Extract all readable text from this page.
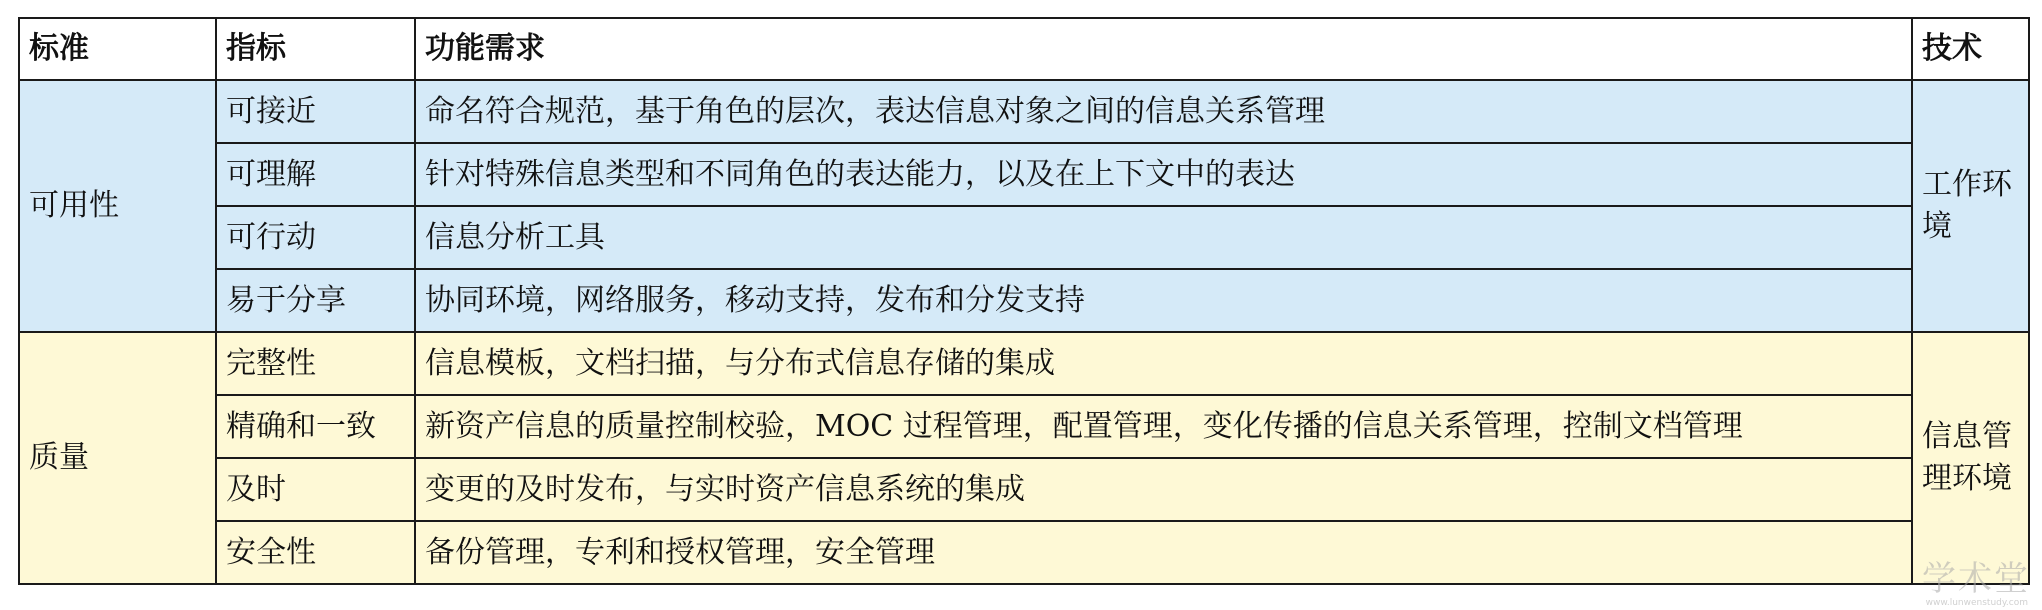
标准	指标	功能需求	技术
可用性	可接近	命名符合规范，基于角色的层次，表达信息对象之间的信息关系管理	工作环境
	可理解	针对特殊信息类型和不同角色的表达能力，以及在上下文中的表达	
	可行动	信息分析工具	
	易于分享	协同环境，网络服务，移动支持，发布和分发支持	
质量	完整性	信息模板，文档扫描，与分布式信息存储的集成	信息管理环境
	精确和一致	新资产信息的质量控制校验，MOC 过程管理，配置管理，变化传播的信息关系管理，控制文档管理	
	及时	变更的及时发布，与实时资产信息系统的集成	
	安全性	备份管理，专利和授权管理，安全管理	
学术堂
www.lunwenstudy.com
